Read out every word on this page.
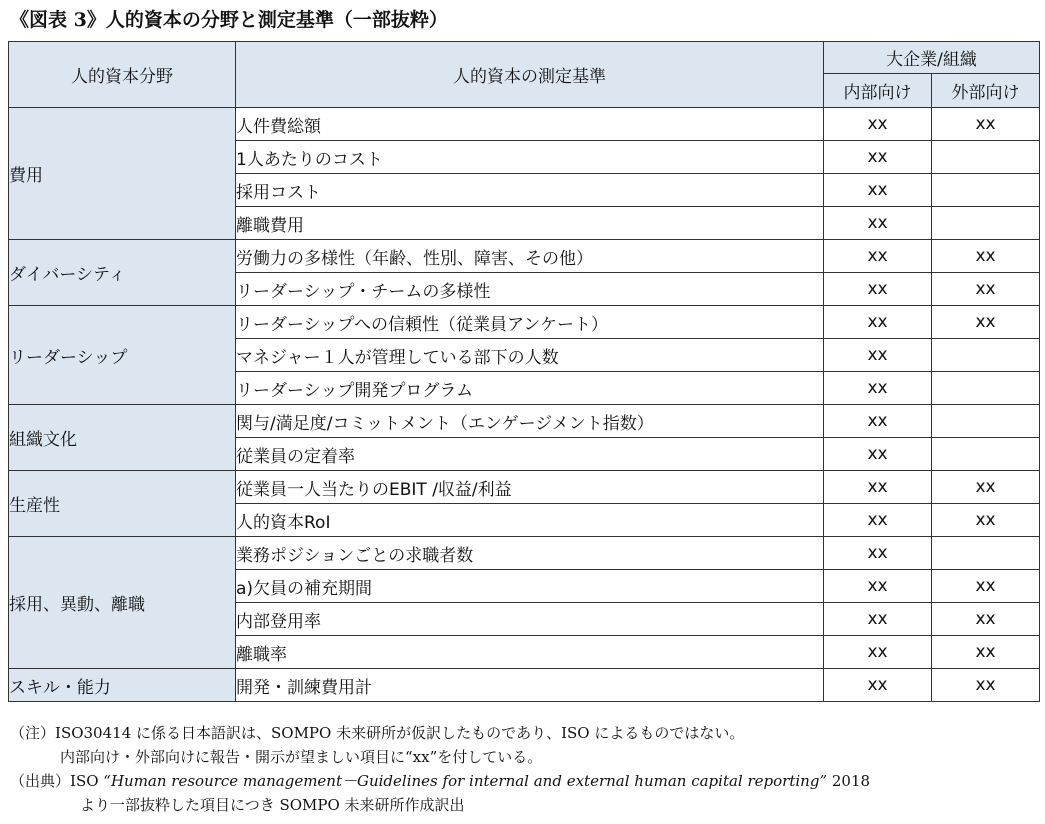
《図表 3》人的資本の分野と測定基準（一部抜粋）
人的資本分野	人的資本の測定基準	大企業/組織	
		内部向け	外部向け
費用	人件費総額	xx	xx
	1人あたりのコスト	xx	
	採用コスト	xx	
	離職費用	xx	
ダイバーシティ	労働力の多様性（年齢、性別、障害、その他）	xx	xx
	リーダーシップ・チームの多様性	xx	xx
リーダーシップ	リーダーシップへの信頼性（従業員アンケート）	xx	xx
	マネジャー１人が管理している部下の人数	xx	
	リーダーシップ開発プログラム	xx	
組織文化	関与/満足度/コミットメント（エンゲージメント指数）	xx	
	従業員の定着率	xx	
生産性	従業員一人当たりのEBIT /収益/利益	xx	xx
	人的資本RoI	xx	xx
採用、異動、離職	業務ポジションごとの求職者数	xx	
	a)欠員の補充期間	xx	xx
	内部登用率	xx	xx
	離職率	xx	xx
スキル・能力	開発・訓練費用計	xx	xx
（注）ISO30414 に係る日本語訳は、SOMPO 未来研所が仮訳したものであり、ISO によるものではない。
内部向け・外部向けに報告・開示が望ましい項目に“xx”を付している。
（出典）ISO “Human resource management－Guidelines for internal and external human capital reporting” 2018
より一部抜粋した項目につき SOMPO 未来研所作成訳出
